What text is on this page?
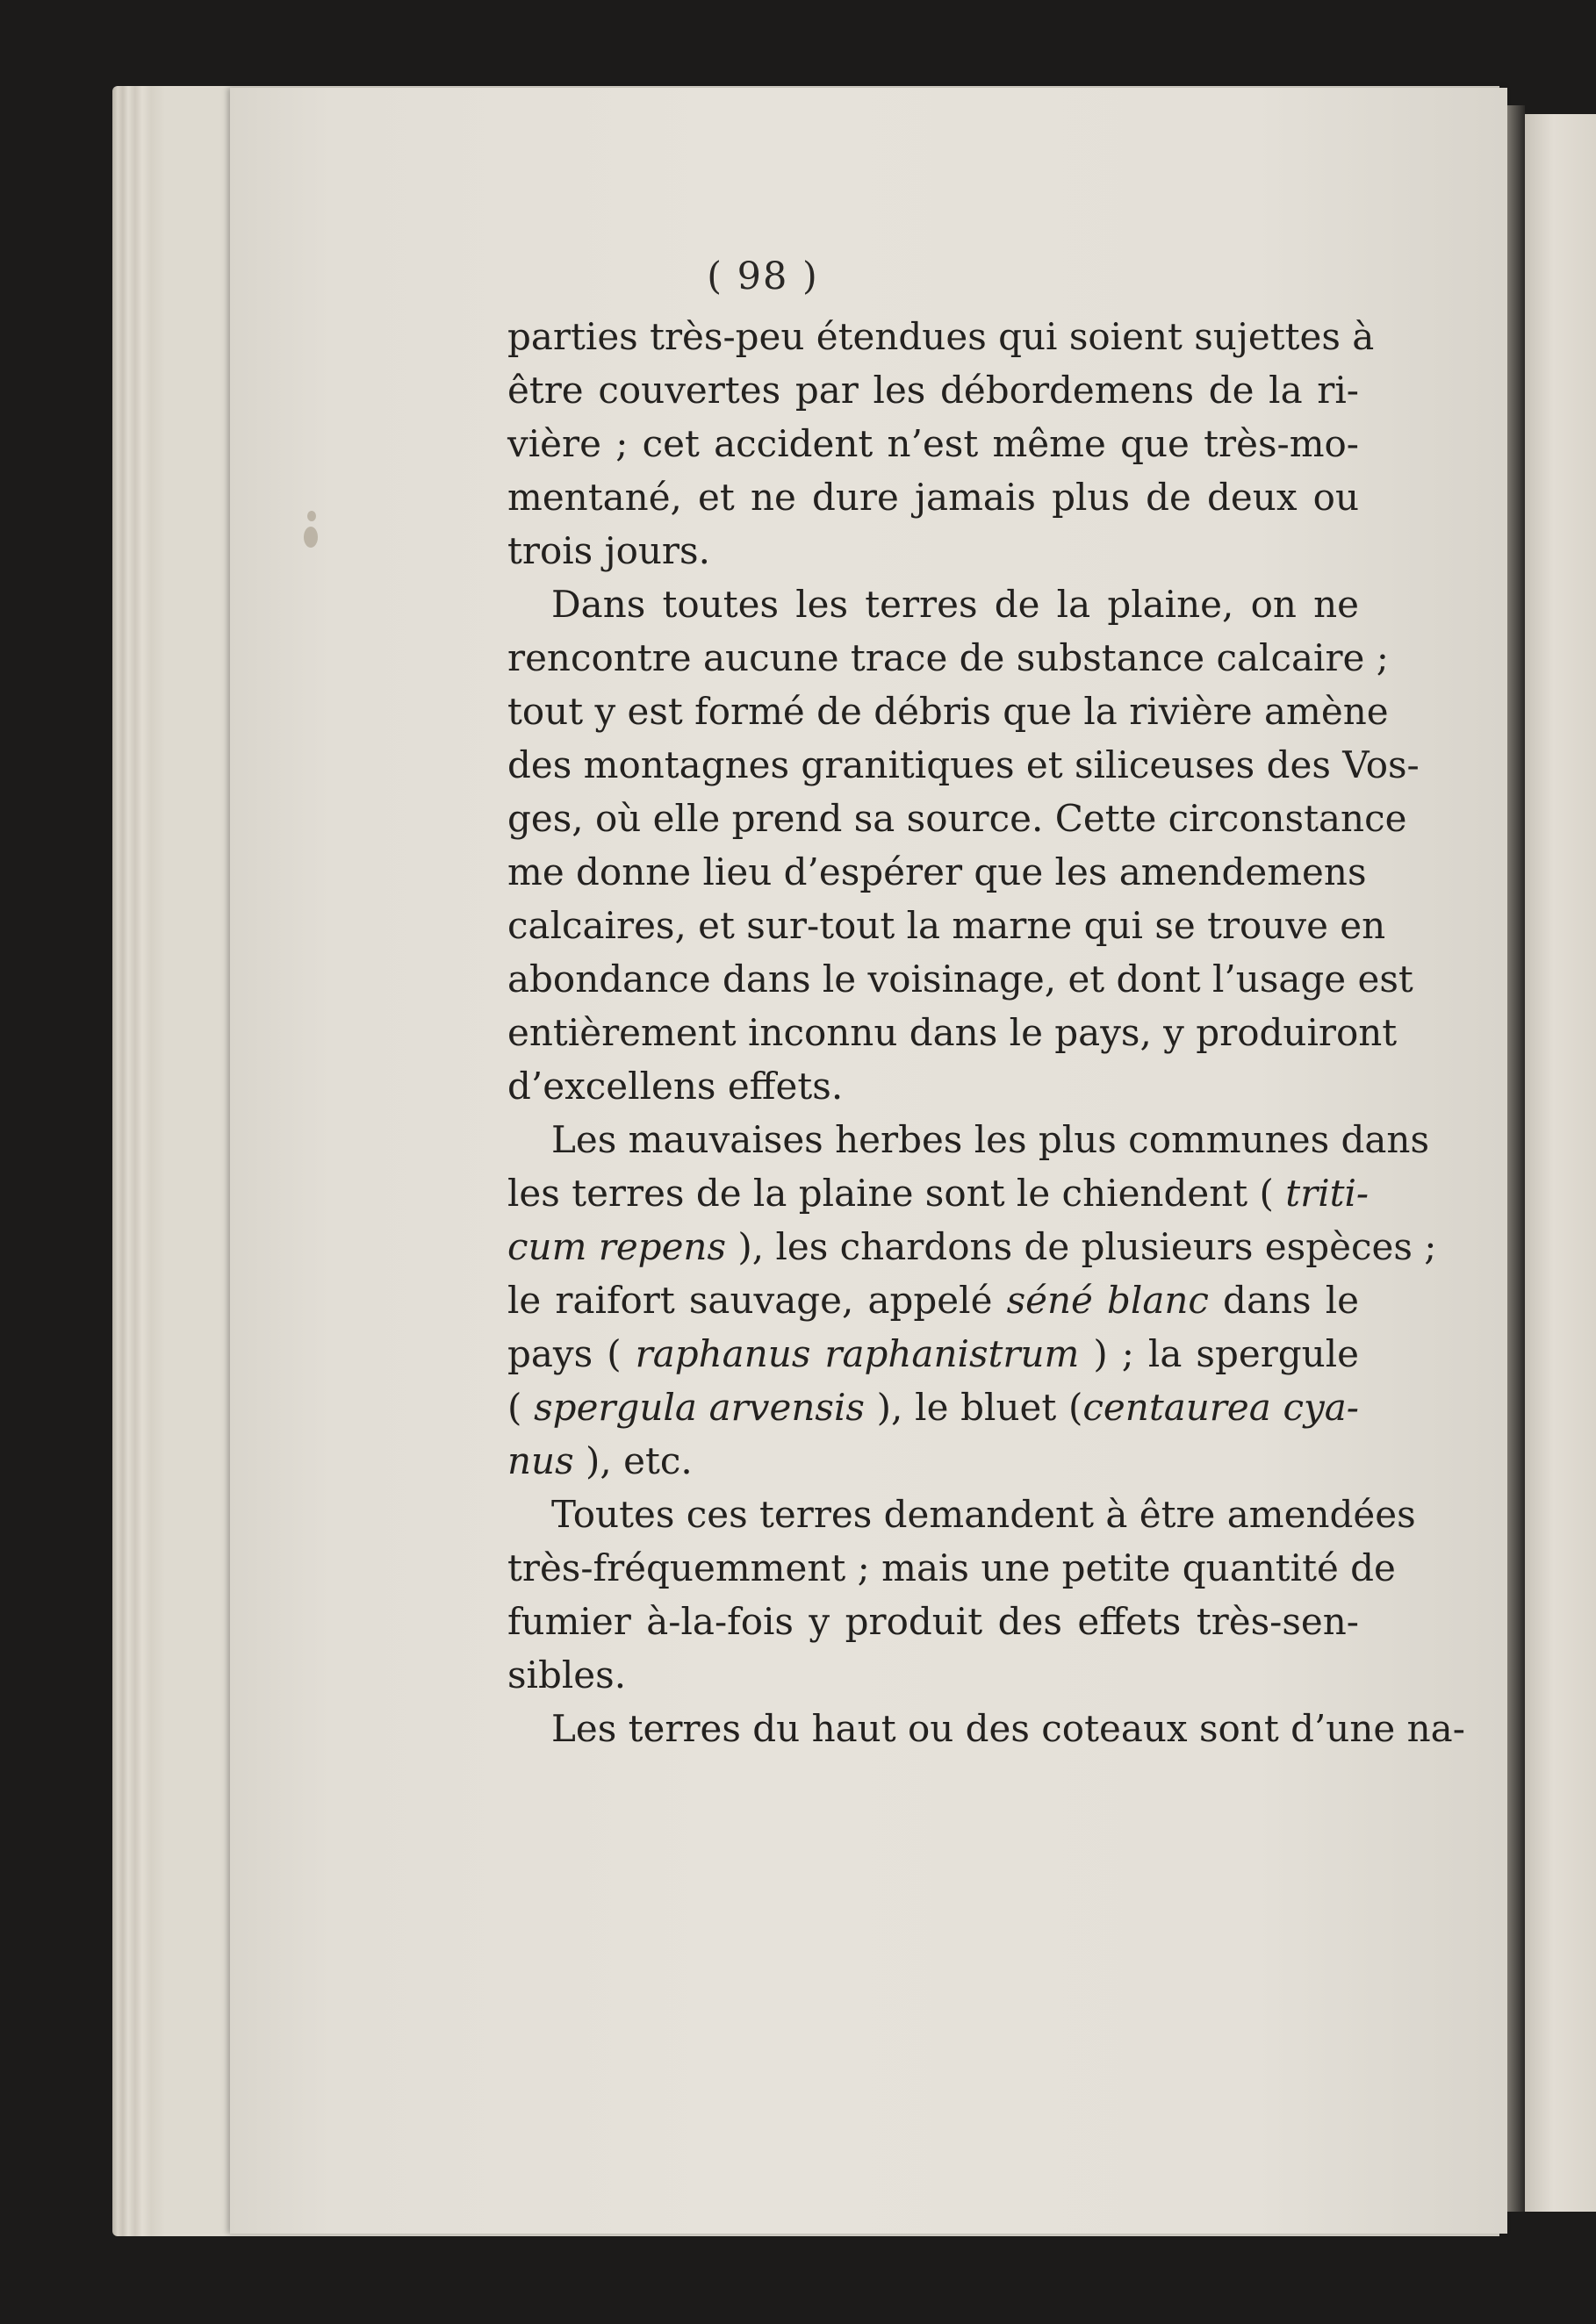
( 98 )
parties très-peu étendues qui soient sujettes à
être couvertes par les débordemens de la ri-
vière ; cet accident n’est même que très-mo-
mentané, et ne dure jamais plus de deux ou
trois jours.
Dans toutes les terres de la plaine, on ne
rencontre aucune trace de substance calcaire ;
tout y est formé de débris que la rivière amène
des montagnes granitiques et siliceuses des Vos-
ges, où elle prend sa source. Cette circonstance
me donne lieu d’espérer que les amendemens
calcaires, et sur-tout la marne qui se trouve en
abondance dans le voisinage, et dont l’usage est
entièrement inconnu dans le pays, y produiront
d’excellens effets.
Les mauvaises herbes les plus communes dans
les terres de la plaine sont le chiendent ( triti-
cum repens ), les chardons de plusieurs espèces ;
le raifort sauvage, appelé séné blanc dans le
pays ( raphanus raphanistrum ) ; la spergule
( spergula arvensis ), le bluet (centaurea cya-
nus ), etc.
Toutes ces terres demandent à être amendées
très-fréquemment ; mais une petite quantité de
fumier à-la-fois y produit des effets très-sen-
sibles.
Les terres du haut ou des coteaux sont d’une na-
